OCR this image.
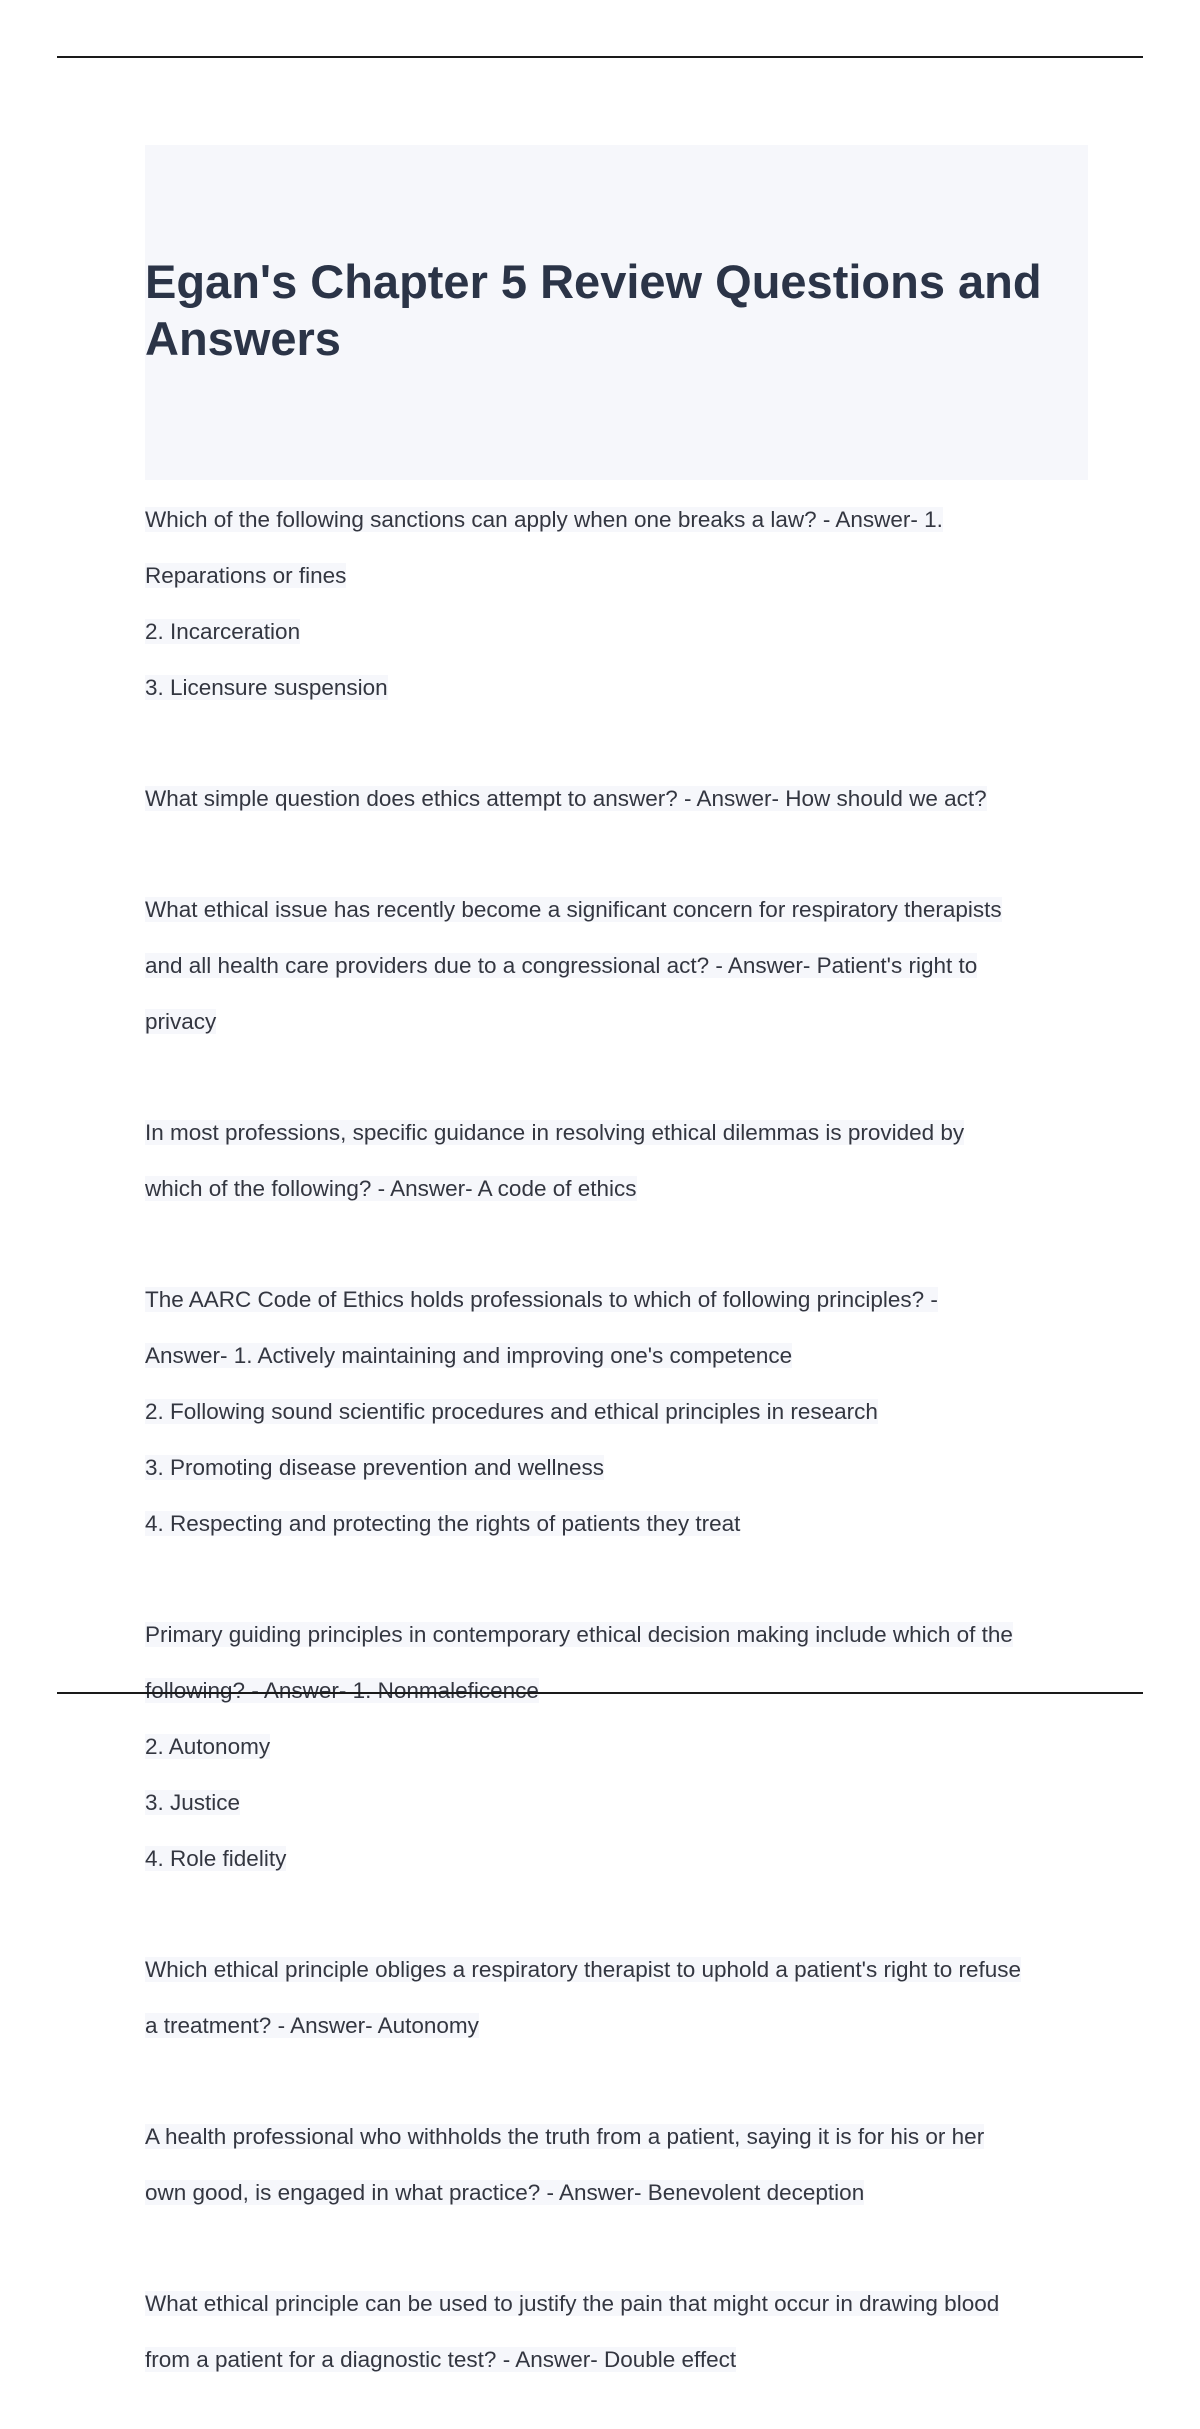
Egan's Chapter 5 Review Questions and Answers

Which of the following sanctions can apply when one breaks a law? - Answer- 1.

Reparations or fines

2. Incarceration

3. Licensure suspension

What simple question does ethics attempt to answer? - Answer- How should we act?

What ethical issue has recently become a significant concern for respiratory therapists

and all health care providers due to a congressional act? - Answer- Patient's right to

privacy

In most professions, specific guidance in resolving ethical dilemmas is provided by

which of the following? - Answer- A code of ethics

The AARC Code of Ethics holds professionals to which of following principles? -

Answer- 1. Actively maintaining and improving one's competence

2. Following sound scientific procedures and ethical principles in research

3. Promoting disease prevention and wellness

4. Respecting and protecting the rights of patients they treat

Primary guiding principles in contemporary ethical decision making include which of the

following? - Answer- 1. Nonmaleficence

2. Autonomy

3. Justice

4. Role fidelity

Which ethical principle obliges a respiratory therapist to uphold a patient's right to refuse

a treatment? - Answer- Autonomy

A health professional who withholds the truth from a patient, saying it is for his or her

own good, is engaged in what practice? - Answer- Benevolent deception

What ethical principle can be used to justify the pain that might occur in drawing blood

from a patient for a diagnostic test? - Answer- Double effect
